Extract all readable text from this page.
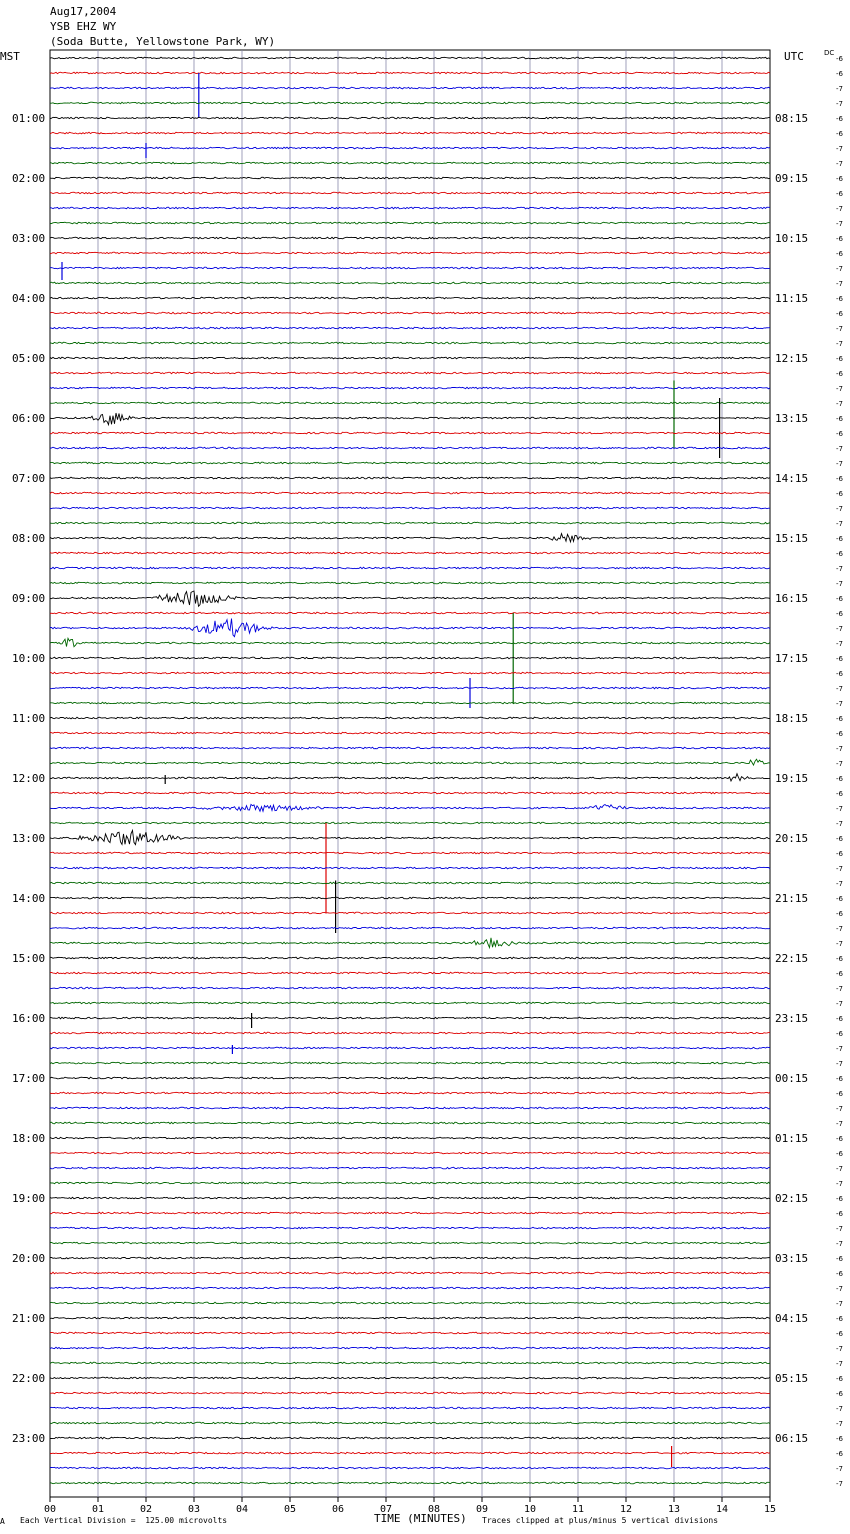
Aug17,2004
YSB EHZ WY
(Soda Butte, Yellowstone Park, WY)
MST	UTC	-6
-6
-7
-7
-6
-6
-7
-7
-6
-6
-7
-7
-6
-6
-7
-7
-6
-6
-7
-7
-6
-6
-7
-7
-6
-6
-7
-7
-6
-6
-7
-7
-6
-6
-7
-7
-6
-6
-7
-7
-6
-6
-7
-7
-6
-6
-7
-7
-6
-6
-7
-7
-6
-6
-7
-7
-6
-6
-7
-7
-6
-6
-7
-7
-6
-6
-7
-7
-6
-6
-7
-7
-6
-6
-7
-7
-6
-6
-7
-7
-6
-6
-7
-7
-6
-6
-7
-7
-6
-6
-7
-7
-6
-6
-7
-7
DC
01:00
02:00
03:00
04:00
05:00
06:00
07:00
08:00
09:00
10:00
11:00
12:00
13:00
14:00
15:00
16:00
17:00
18:00
19:00
20:00
21:00
22:00
23:00
08:15
09:15
10:15
11:15
12:15
13:15
14:15
15:15
16:15
17:15
18:15
19:15
20:15
21:15
22:15
23:15
00:15
01:15
02:15
03:15
04:15
05:15
06:15
00	01	02	03	04	05	06	07	08	09	10	11	12	13	14	15
A Each Vertical Division =  125.00 microvolts	TIME (MINUTES) Traces clipped at plus/minus 5 vertical divisions
